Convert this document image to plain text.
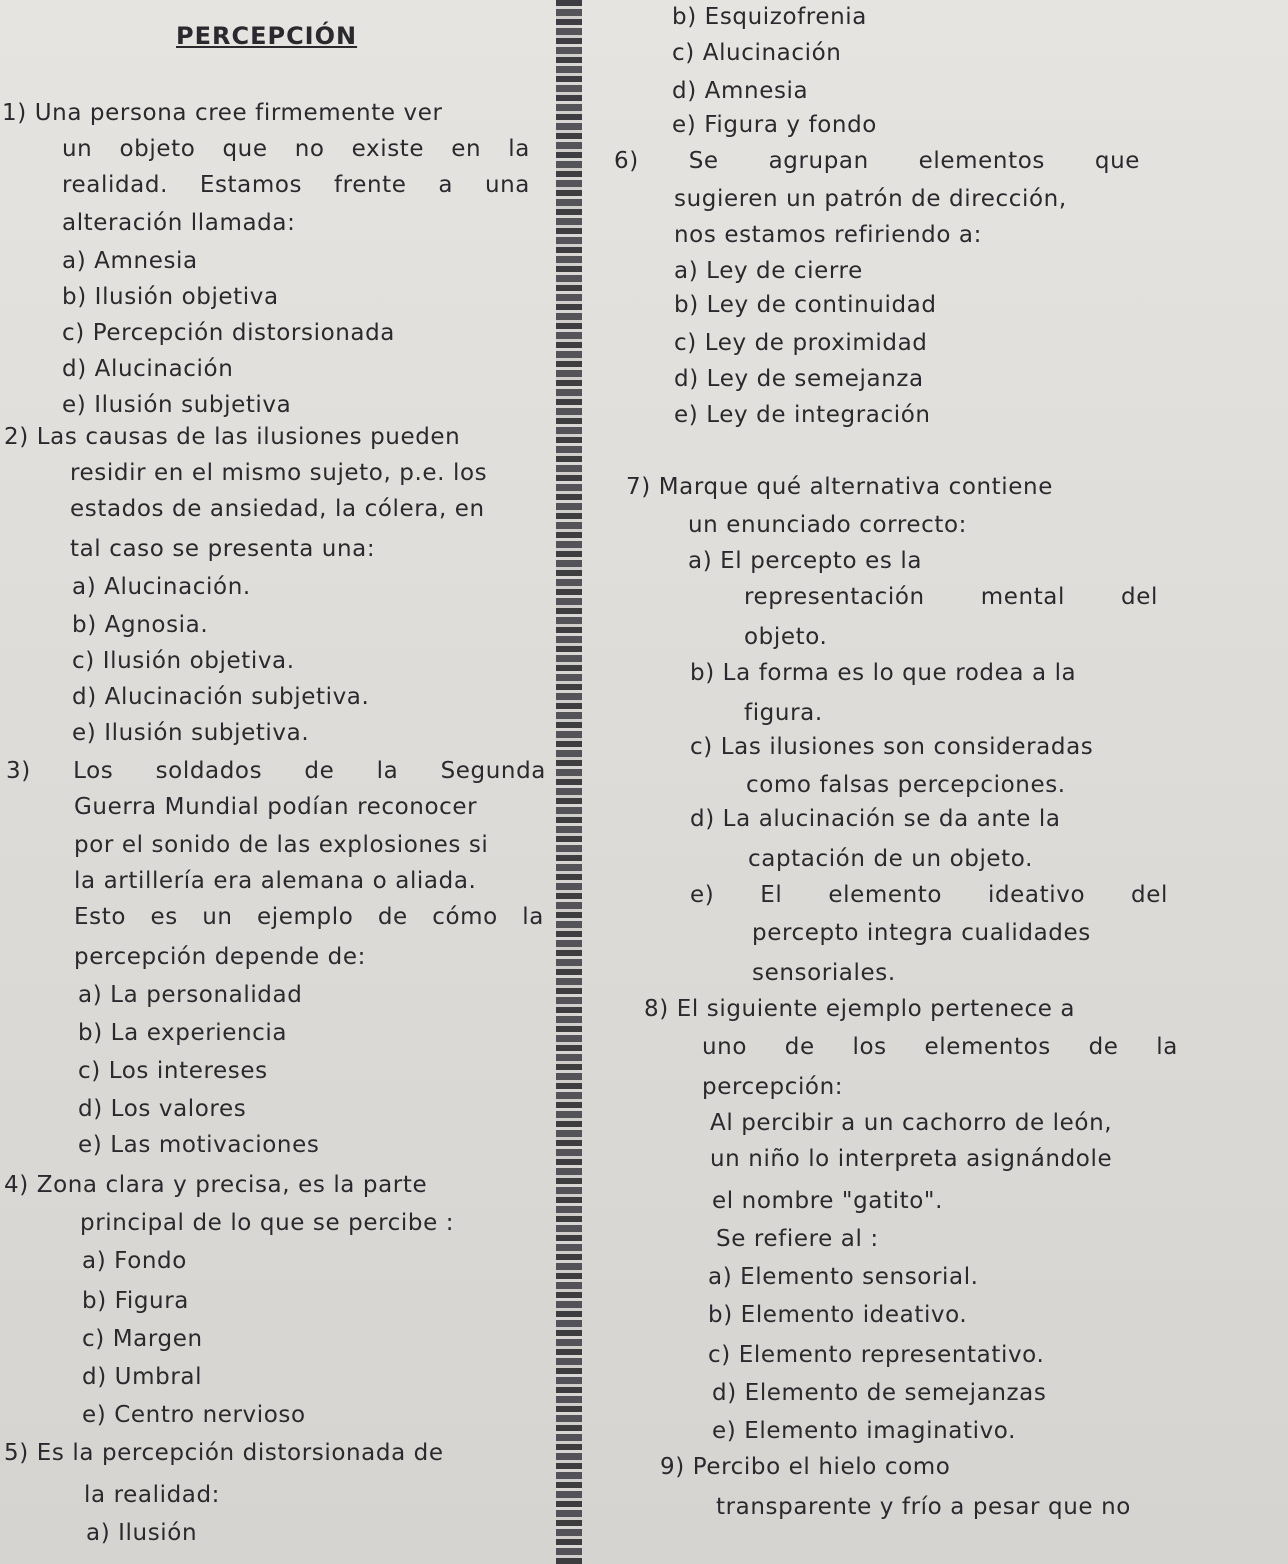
PERCEPCIÓN
1) Una persona cree firmemente ver
un objeto que no existe en la
realidad. Estamos frente a una
alteración llamada:
a) Amnesia
b) Ilusión objetiva
c) Percepción distorsionada
d) Alucinación
e) Ilusión subjetiva
2) Las causas de las ilusiones pueden
residir en el mismo sujeto, p.e. los
estados de ansiedad, la cólera, en
tal caso se presenta una:
a) Alucinación.
b) Agnosia.
c) Ilusión objetiva.
d) Alucinación subjetiva.
e) Ilusión subjetiva.
3) Los soldados de la Segunda
Guerra Mundial podían reconocer
por el sonido de las explosiones si
la artillería era alemana o aliada.
Esto es un ejemplo de cómo la
percepción depende de:
a) La personalidad
b) La experiencia
c) Los intereses
d) Los valores
e) Las motivaciones
4) Zona clara y precisa, es la parte
principal de lo que se percibe :
a) Fondo
b) Figura
c) Margen
d) Umbral
e) Centro nervioso
5) Es la percepción distorsionada de
la realidad:
a) Ilusión
b) Esquizofrenia
c) Alucinación
d) Amnesia
e) Figura y fondo
6) Se agrupan elementos que
sugieren un patrón de dirección,
nos estamos refiriendo a:
a) Ley de cierre
b) Ley de continuidad
c) Ley de proximidad
d) Ley de semejanza
e) Ley de integración
7) Marque qué alternativa contiene
un enunciado correcto:
a) El percepto es la
representación mental del
objeto.
b) La forma es lo que rodea a la
figura.
c) Las ilusiones son consideradas
como falsas percepciones.
d) La alucinación se da ante la
captación de un objeto.
e) El elemento ideativo del
percepto integra cualidades
sensoriales.
8) El siguiente ejemplo pertenece a
uno de los elementos de la
percepción:
Al percibir a un cachorro de león,
un niño lo interpreta asignándole
el nombre "gatito".
Se refiere al :
a) Elemento sensorial.
b) Elemento ideativo.
c) Elemento representativo.
d) Elemento de semejanzas
e) Elemento imaginativo.
9) Percibo el hielo como
transparente y frío a pesar que no
